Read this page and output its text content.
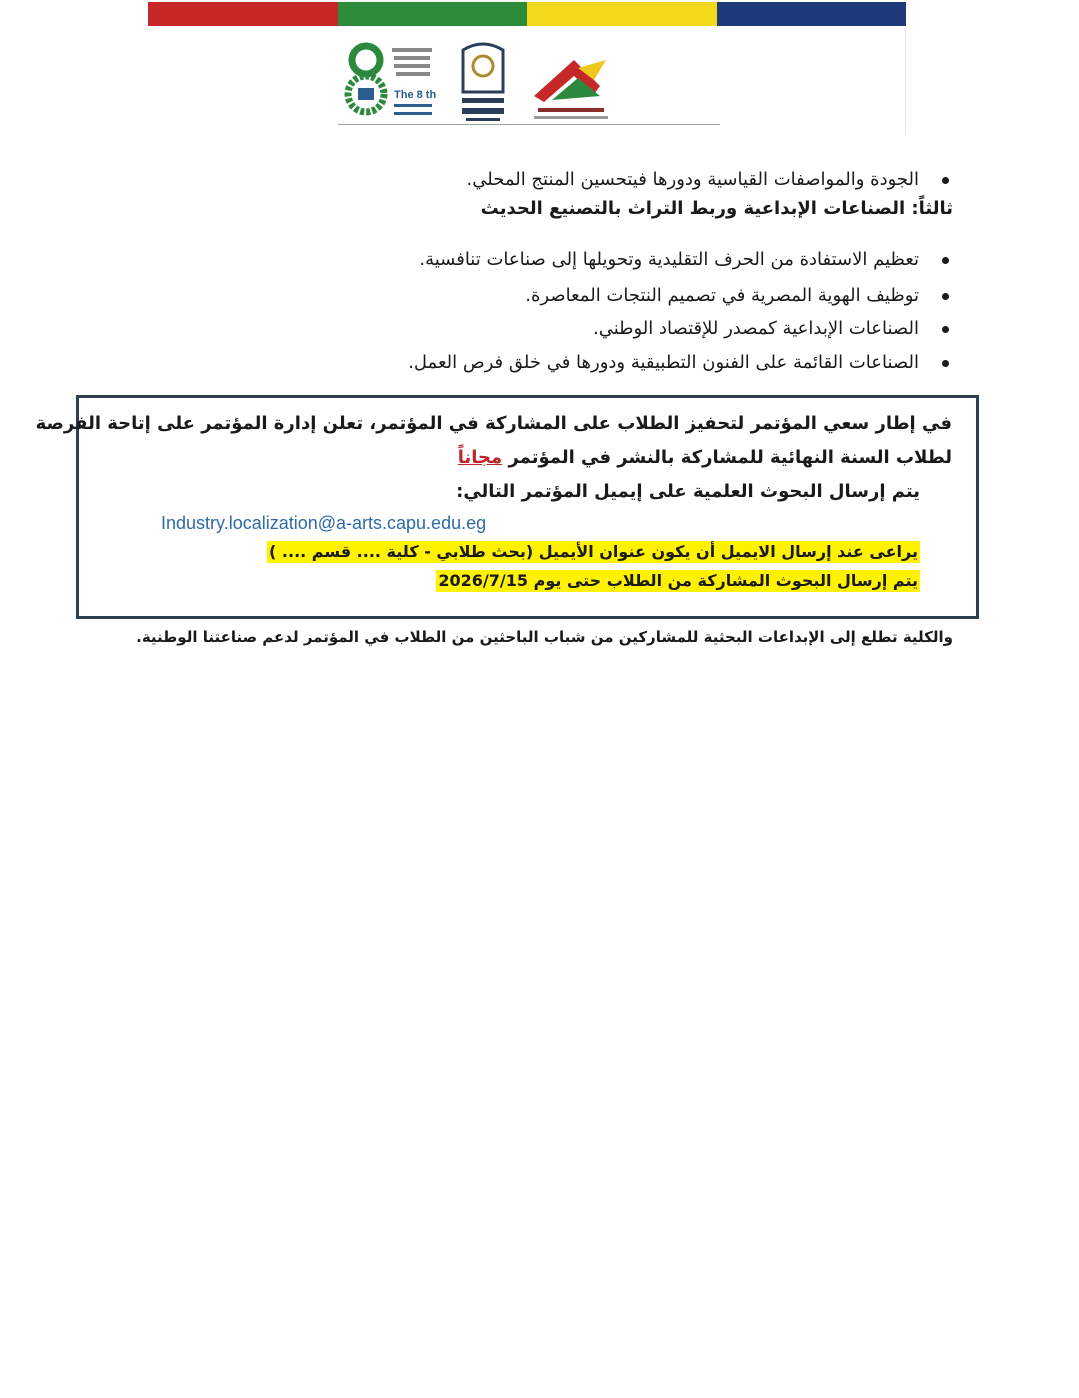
The 8 th
الجودة والمواصفات القياسية ودورها فيتحسين المنتج المحلي.
ثالثاً: الصناعات الإبداعية وربط التراث بالتصنيع الحديث
تعظيم الاستفادة من الحرف التقليدية وتحويلها إلى صناعات تنافسية.
توظيف الهوية المصرية في تصميم النتجات المعاصرة.
الصناعات الإبداعية كمصدر للإقتصاد الوطني.
الصناعات القائمة على الفنون التطبيقية ودورها في خلق فرص العمل.
في إطار سعي المؤتمر لتحفيز الطلاب على المشاركة في المؤتمر، تعلن إدارة المؤتمر على إتاحة الفرصة
لطلاب السنة النهائية للمشاركة بالنشر في المؤتمر مجاناً
يتم إرسال البحوث العلمية على إيميل المؤتمر التالي:
Industry.localization@a-arts.capu.edu.eg
يراعى عند إرسال الايميل أن يكون عنوان الأيميل (بحث طلابي - كلية .... قسم .... )
يتم إرسال البحوث المشاركة من الطلاب حتى يوم 2026/7/15
والكلية تطلع إلى الإبداعات البحثية للمشاركين من شباب الباحثين من الطلاب في المؤتمر لدعم صناعتنا الوطنية.
